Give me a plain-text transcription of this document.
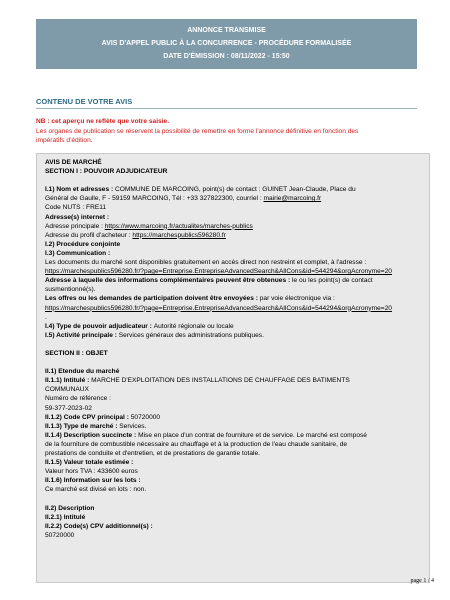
ANNONCE TRANSMISE
AVIS D'APPEL PUBLIC À LA CONCURRENCE - PROCÉDURE FORMALISÉE
DATE D'ÉMISSION : 08/11/2022 - 15:50
CONTENU DE VOTRE AVIS
NB : cet aperçu ne reflète que votre saisie.
Les organes de publication se réservent la possibilité de remettre en forme l'annonce définitive en fonction des
impératifs d'édition.
AVIS DE MARCHÉ
SECTION I : POUVOIR ADJUDICATEUR
I.1) Nom et adresses : COMMUNE DE MARCOING, point(s) de contact : GUINET Jean-Claude, Place du
Général de Gaulle, F - 59159 MARCOING, Tél : +33 327822300, courriel : mairie@marcoing.fr
Code NUTS : FRE11
Adresse(s) internet :
Adresse principale : https://www.marcoing.fr/actualites/marches-publics
Adresse du profil d'acheteur : https://marchespublics596280.fr
I.2) Procédure conjointe
I.3) Communication :
Les documents du marché sont disponibles gratuitement en accès direct non restreint et complet, à l'adresse :
https://marchespublics596280.fr/?page=Entreprise.EntrepriseAdvancedSearch&AllCons&id=544294&orgAcronyme=20
Adresse à laquelle des informations complémentaires peuvent être obtenues : le ou les point(s) de contact
susmentionné(s).
Les offres ou les demandes de participation doivent être envoyées : par voie électronique via :
https://marchespublics596280.fr/?page=Entreprise.EntrepriseAdvancedSearch&AllCons&id=544294&orgAcronyme=20
.
I.4) Type de pouvoir adjudicateur : Autorité régionale ou locale
I.5) Activité principale : Services généraux des administrations publiques.
SECTION II : OBJET
II.1) Etendue du marché
II.1.1) Intitulé : MARCHE D'EXPLOITATION DES INSTALLATIONS DE CHAUFFAGE DES BATIMENTS
COMMUNAUX
Numéro de référence :
59-377-2023-02
II.1.2) Code CPV principal : 50720000
II.1.3) Type de marché : Services.
II.1.4) Description succincte : Mise en place d'un contrat de fourniture et de service. Le marché est composé
de la fourniture de combustible nécessaire au chauffage et à la production de l'eau chaude sanitaire, de
prestations de conduite et d'entretien, et de prestations de garantie totale.
II.1.5) Valeur totale estimée :
Valeur hors TVA : 433600 euros
II.1.6) Information sur les lots :
Ce marché est divisé en lots : non.
II.2) Description
II.2.1) Intitulé
II.2.2) Code(s) CPV additionnel(s) :
50720000
page 1 / 4
